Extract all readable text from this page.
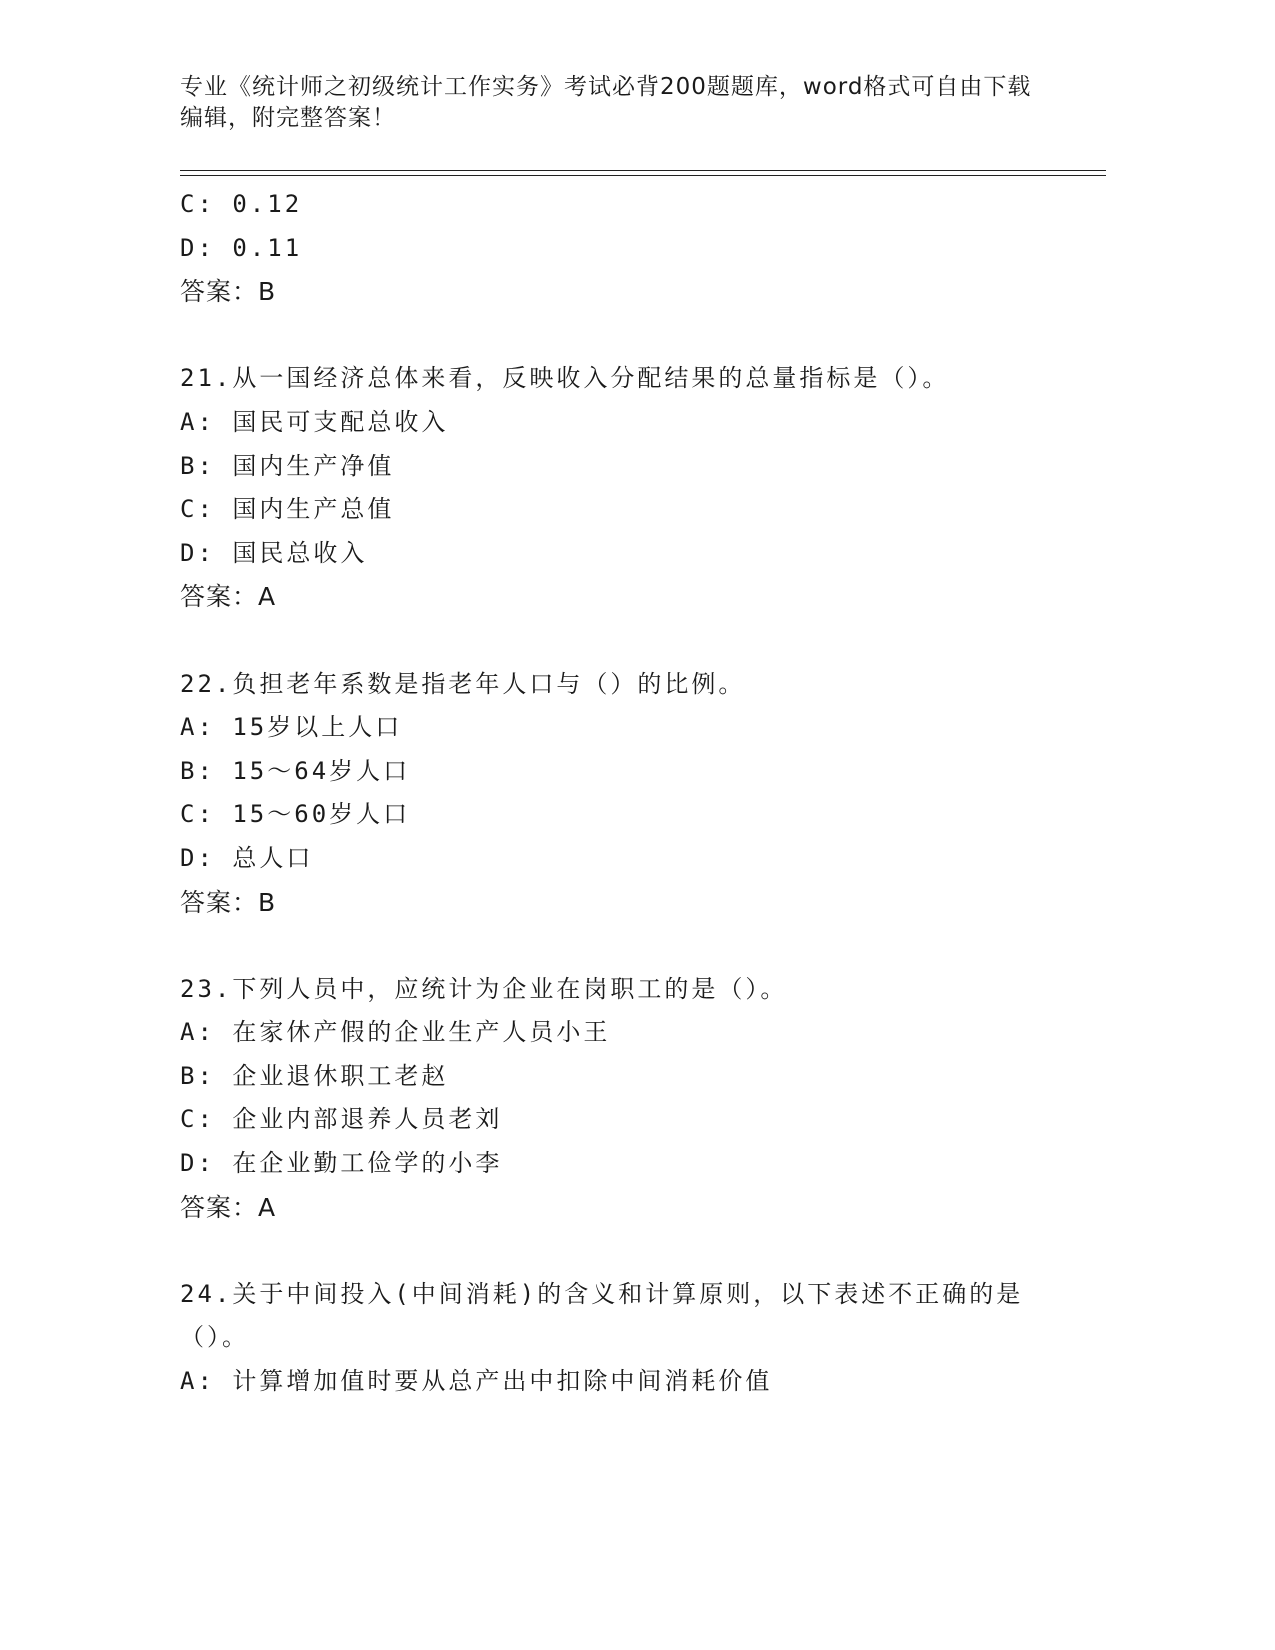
专业《统计师之初级统计工作实务》考试必背200题题库，word格式可自由下载
编辑，附完整答案！
C: 0.12
D: 0.11
答案：B
21.从一国经济总体来看，反映收入分配结果的总量指标是（）。
A: 国民可支配总收入
B: 国内生产净值
C: 国内生产总值
D: 国民总收入
答案：A
22.负担老年系数是指老年人口与（）的比例。
A: 15岁以上人口
B: 15～64岁人口
C: 15～60岁人口
D: 总人口
答案：B
23.下列人员中，应统计为企业在岗职工的是（）。
A: 在家休产假的企业生产人员小王
B: 企业退休职工老赵
C: 企业内部退养人员老刘
D: 在企业勤工俭学的小李
答案：A
24.关于中间投入(中间消耗)的含义和计算原则，以下表述不正确的是
（）。
A: 计算增加值时要从总产出中扣除中间消耗价值
